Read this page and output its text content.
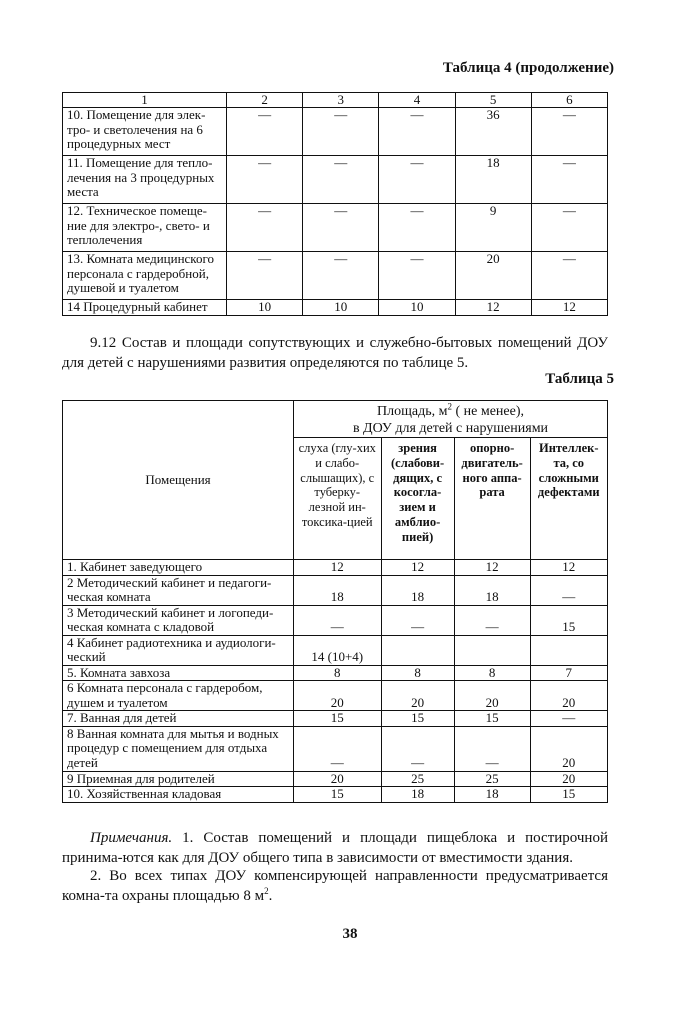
Таблица 4 (продолжение)
1	2	3	4	5	6
10. Помещение для элек-тро- и светолечения на 6 процедурных мест	—	—	—	36	—
11. Помещение для тепло-лечения на 3 процедурных места	—	—	—	18	—
12. Техническое помеще-ние для электро-, свето- и теплолечения	—	—	—	9	—
13. Комната медицинского персонала с гардеробной, душевой и туалетом	—	—	—	20	—
14 Процедурный кабинет	10	10	10	12	12
9.12 Состав и площади сопутствующих и служебно-бытовых помещений ДОУ для детей с нарушениями развития определяются по таблице 5.
Таблица 5
Помещения	Площадь, $м^2$ ( не менее),
в ДОУ для детей с нарушениями			
	слуха (глу-хих и слабо-слышащих), с туберку-лезной ин-токсика-цией	зрения (слабови-дящих, с косогла-зием и амблио-пией)	опорно-двигатель-ного аппа-рата	Интеллек-та, со сложными дефектами
1. Кабинет заведующего	12	12	12	12
2 Методический кабинет и педагоги-ческая комната	18	18	18	—
3 Методический кабинет и логопеди-ческая комната с кладовой	—	—	—	15
4 Кабинет радиотехника и аудиологи-ческий	14 (10+4)			
5. Комната завхоза	8	8	8	7
6 Комната персонала с гардеробом, душем и туалетом	20	20	20	20
7. Ванная для детей	15	15	15	—
8 Ванная комната для мытья и водных процедур с помещением для отдыха детей	—	—	—	20
9 Приемная для родителей	20	25	25	20
10. Хозяйственная кладовая	15	18	18	15
Примечания. 1. Состав помещений и площади пищеблока и постирочной принима-ются как для ДОУ общего типа в зависимости от вместимости здания.
2. Во всех типах ДОУ компенсирующей направленности предусматривается комна-та охраны площадью 8 $м^2$.
38
